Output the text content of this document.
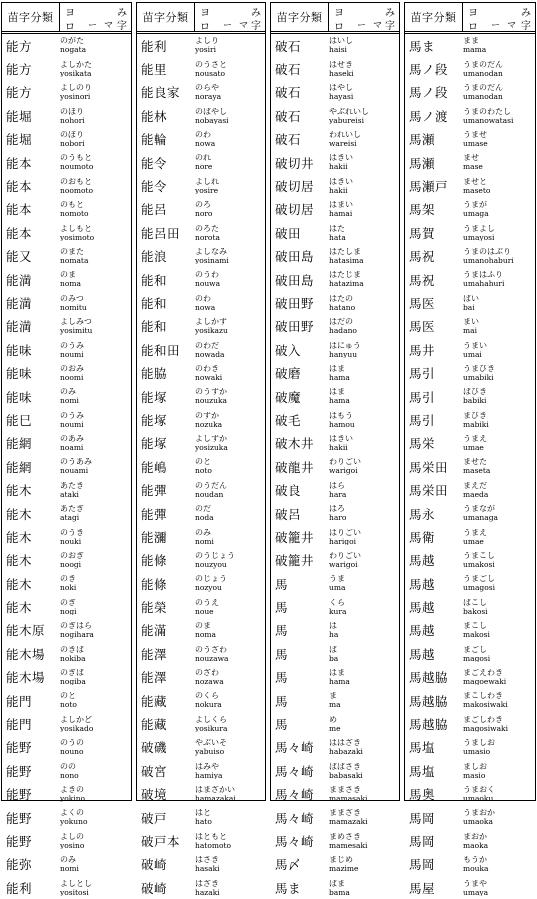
苗字分類	ヨ
ロ ー マ
み
字
能方	のがた
nogata
能方	よしかた
yosikata
能方	よしのり
yosinori
能堀	のほり
nohori
能堀	のぼり
nobori
能本	のうもと
noumoto
能本	のおもと
noomoto
能本	のもと
nomoto
能本	よしもと
yosimoto
能又	のまた
nomata
能満	のま
noma
能満	のみつ
nomitu
能満	よしみつ
yosimitu
能味	のうみ
noumi
能味	のおみ
noomi
能味	のみ
nomi
能巳	のうみ
noumi
能網	のあみ
noami
能網	のうあみ
nouami
能木	あたき
ataki
能木	あたぎ
atagi
能木	のうき
nouki
能木	のおぎ
noogi
能木	のき
noki
能木	のぎ
nogi
能木原	のぎはら
nogihara
能木場	のきば
nokiba
能木場	のぎば
nogiba
能門	のと
noto
能門	よしかど
yosikado
能野	のうの
nouno
能野	のの
nono
能野	よきの
yokino
能野	よくの
yokuno
能野	よしの
yosino
能弥	のみ
nomi
能利	よしとし
yositosi
苗字分類	ヨ
ロ ー マ
み
字
能利	よしり
yosiri
能里	のうさと
nousato
能良家	のらや
noraya
能林	のばやし
nobayasi
能輪	のわ
nowa
能令	のれ
nore
能令	よしれ
yosire
能呂	のろ
noro
能呂田	のろた
norota
能浪	よしなみ
yosinami
能和	のうわ
nouwa
能和	のわ
nowa
能和	よしかず
yosikazu
能和田	のわだ
nowada
能脇	のわき
nowaki
能塚	のうずか
nouzuka
能塚	のずか
nozuka
能塚	よしずか
yosizuka
能嶋	のと
noto
能彈	のうだん
noudan
能彈	のだ
noda
能瀰	のみ
nomi
能條	のうじょう
nouzyou
能條	のじょう
nozyou
能榮	のうえ
noue
能滿	のま
noma
能澤	のうざわ
nouzawa
能澤	のざわ
nozawa
能藏	のくら
nokura
能藏	よしくら
yosikura
破磯	やぶいそ
yabuiso
破宮	はみや
hamiya
破境	はまざかい
hamazakai
破戸	はと
hato
破戸本	はともと
hatomoto
破崎	はさき
hasaki
破崎	はざき
hazaki
苗字分類	ヨ
ロ ー マ
み
字
破石	はいし
haisi
破石	はせき
haseki
破石	はやし
hayasi
破石	やぶれいし
yabureisi
破石	われいし
wareisi
破切井	はきい
hakii
破切居	はきい
hakii
破切居	はまい
hamai
破田	はた
hata
破田島	はたしま
hatasima
破田島	はたじま
hatazima
破田野	はたの
hatano
破田野	はだの
hadano
破入	はにゅう
hanyuu
破磨	はま
hama
破魔	はま
hama
破毛	はもう
hamou
破木井	はきい
hakii
破龍井	わりごい
warigoi
破良	はら
hara
破呂	はろ
haro
破籠井	はりごい
harigoi
破籠井	わりごい
warigoi
馬	うま
uma
馬	くら
kura
馬	は
ha
馬	ば
ba
馬	はま
hama
馬	ま
ma
馬	め
me
馬々崎	ははざき
habazaki
馬々崎	ばばさき
babasaki
馬々崎	ままさき
mamasaki
馬々崎	ままざき
mamazaki
馬々崎	まめさき
mamesaki
馬〆	まじめ
mazime
馬ま	ばま
bama
苗字分類	ヨ
ロ ー マ
み
字
馬ま	まま
mama
馬ノ段	うまのだん
umanodan
馬ノ段	うまのだん
umanodan
馬ノ渡	うまのわたし
umanowatasi
馬瀬	うませ
umase
馬瀬	ませ
mase
馬瀬戸	ませと
maseto
馬架	うまが
umaga
馬賀	うまよし
umayosi
馬祝	うまのはぶり
umanohaburi
馬祝	うまはふり
umahahuri
馬医	ばい
bai
馬医	まい
mai
馬井	うまい
umai
馬引	うまびき
umabiki
馬引	ばびき
babiki
馬引	まびき
mabiki
馬栄	うまえ
umae
馬栄田	ませた
maseta
馬栄田	まえだ
maeda
馬永	うまなが
umanaga
馬衛	うまえ
umae
馬越	うまこし
umakosi
馬越	うまごし
umagosi
馬越	ばこし
bakosi
馬越	まこし
makosi
馬越	まごし
magosi
馬越脇	まごえわき
magoewaki
馬越脇	まこしわき
makosiwaki
馬越脇	まごしわき
magosiwaki
馬塩	うましお
umasio
馬塩	ましお
masio
馬奥	うまおく
umaoku
馬岡	うまおか
umaoka
馬岡	まおか
maoka
馬岡	もうか
mouka
馬屋	うまや
umaya
